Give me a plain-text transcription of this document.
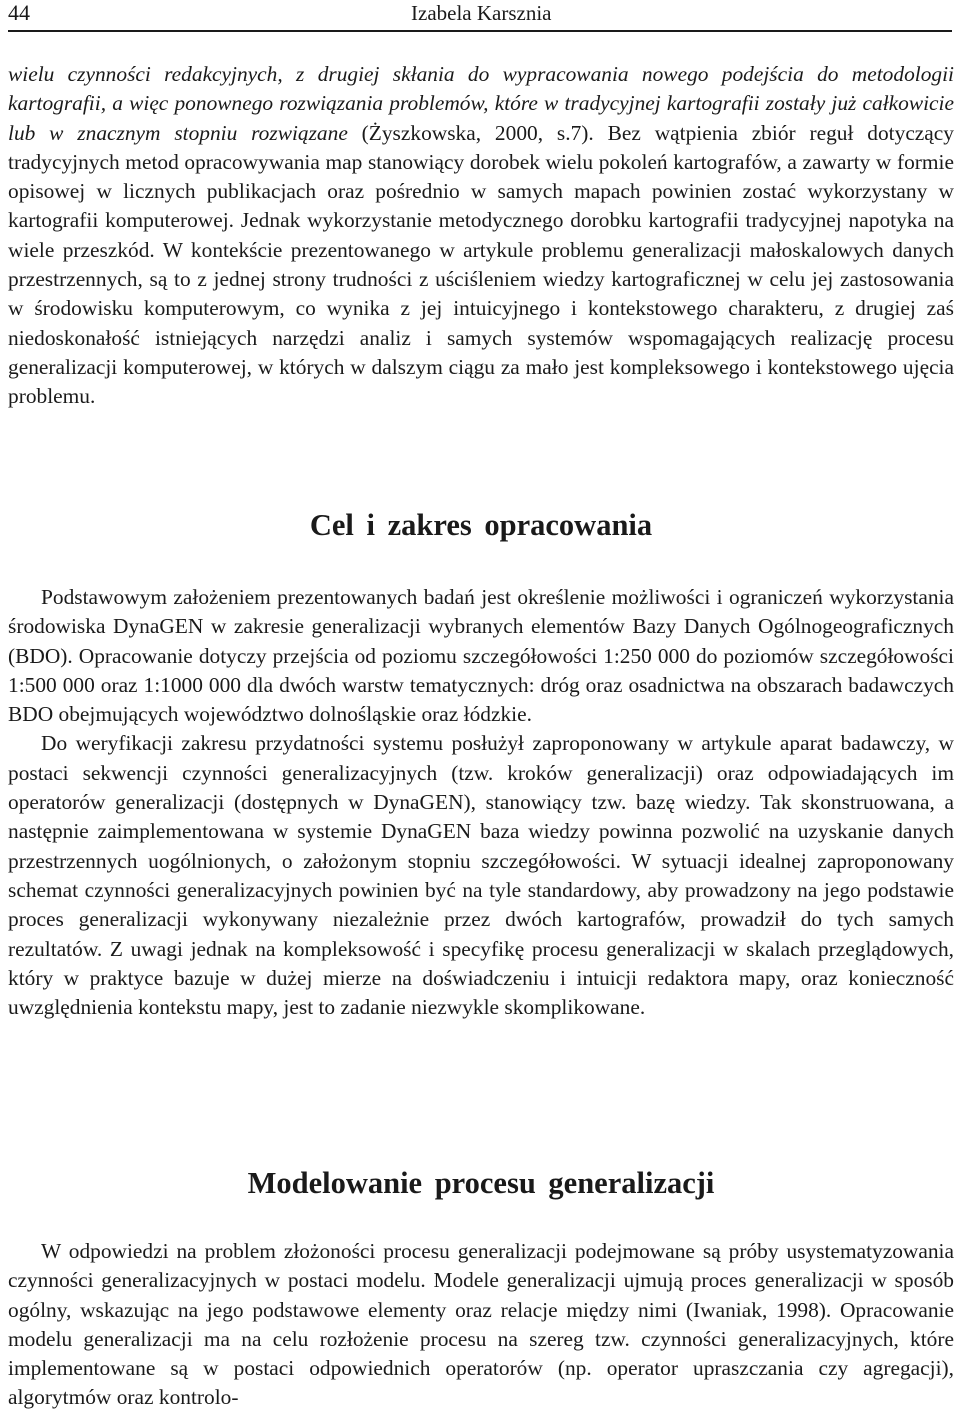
44	Izabela Karsznia

wielu czynności redakcyjnych, z drugiej skłania do wypracowania nowego podejścia do metodologii kartografii, a więc ponownego rozwiązania problemów, które w tradycyjnej kartografii zostały już całkowicie lub w znacznym stopniu rozwiązane (Żyszkowska, 2000, s.7). Bez wątpienia zbiór reguł dotyczący tradycyjnych metod opracowywania map stanowiący dorobek wielu pokoleń kartografów, a zawarty w formie opisowej w licznych publikacjach oraz pośrednio w samych mapach powinien zostać wykorzystany w kartografii komputerowej. Jednak wykorzystanie metodycznego dorobku kartografii tradycyjnej napotyka na wiele przeszkód. W kontekście prezentowanego w artykule problemu generalizacji małoskalowych danych przestrzennych, są to z jednej strony trudności z uściśleniem wiedzy kartograficznej w celu jej zastosowania w środowisku komputerowym, co wynika z jej intuicyjnego i kontekstowego charakteru, z drugiej zaś niedoskonałość istniejących narzędzi analiz i samych systemów wspomagających realizację procesu generalizacji komputerowej, w których w dalszym ciągu za mało jest kompleksowego i kontekstowego ujęcia problemu.

Cel i zakres opracowania

Podstawowym założeniem prezentowanych badań jest określenie możliwości i ograniczeń wykorzystania środowiska DynaGEN w zakresie generalizacji wybranych elementów Bazy Danych Ogólnogeograficznych (BDO). Opracowanie dotyczy przejścia od poziomu szczegółowości 1:250 000 do poziomów szczegółowości 1:500 000 oraz 1:1000 000 dla dwóch warstw tematycznych: dróg oraz osadnictwa na obszarach badawczych BDO obejmujących województwo dolnośląskie oraz łódzkie.

Do weryfikacji zakresu przydatności systemu posłużył zaproponowany w artykule aparat badawczy, w postaci sekwencji czynności generalizacyjnych (tzw. kroków generalizacji) oraz odpowiadających im operatorów generalizacji (dostępnych w DynaGEN), stanowiący tzw. bazę wiedzy. Tak skonstruowana, a następnie zaimplementowana w systemie DynaGEN baza wiedzy powinna pozwolić na uzyskanie danych przestrzennych uogólnionych, o założonym stopniu szczegółowości. W sytuacji idealnej zaproponowany schemat czynności generalizacyjnych powinien być na tyle standardowy, aby prowadzony na jego podstawie proces generalizacji wykonywany niezależnie przez dwóch kartografów, prowadził do tych samych rezultatów. Z uwagi jednak na kompleksowość i specyfikę procesu generalizacji w skalach przeglądowych, który w praktyce bazuje w dużej mierze na doświadczeniu i intuicji redaktora mapy, oraz konieczność uwzględnienia kontekstu mapy, jest to zadanie niezwykle skomplikowane.

Modelowanie procesu generalizacji

W odpowiedzi na problem złożoności procesu generalizacji podejmowane są próby usystematyzowania czynności generalizacyjnych w postaci modelu. Modele generalizacji ujmują proces generalizacji w sposób ogólny, wskazując na jego podstawowe elementy oraz relacje między nimi (Iwaniak, 1998). Opracowanie modelu generalizacji ma na celu rozłożenie procesu na szereg tzw. czynności generalizacyjnych, które implementowane są w postaci odpowiednich operatorów (np. operator upraszczania czy agregacji), algorytmów oraz kontrolo-
